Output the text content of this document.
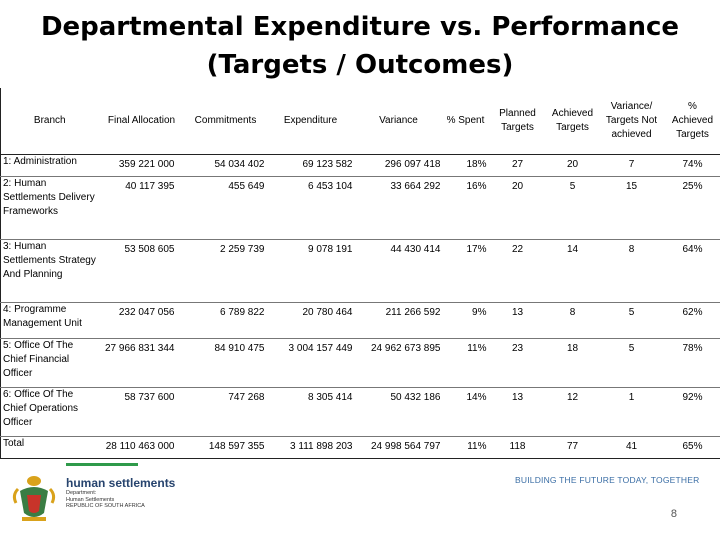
Departmental Expenditure vs. Performance
(Targets / Outcomes)
Branch	Final Allocation	Commitments	Expenditure	Variance	% Spent	Planned Targets	Achieved Targets	Variance/ Targets Not achieved	% Achieved Targets
1: Administration	359 221 000	54 034 402	69 123 582	296 097 418	18%	27	20	7	74%
2: Human Settlements Delivery Frameworks	40 117 395	455 649	6 453 104	33 664 292	16%	20	5	15	25%
3: Human Settlements Strategy And Planning	53 508 605	2 259 739	9 078 191	44 430 414	17%	22	14	8	64%
4: Programme Management Unit	232 047 056	6 789 822	20 780 464	211 266 592	9%	13	8	5	62%
5: Office Of The Chief Financial Officer	27 966 831 344	84 910 475	3 004 157 449	24 962 673 895	11%	23	18	5	78%
6: Office Of The Chief Operations Officer	58 737 600	747 268	8 305 414	50 432 186	14%	13	12	1	92%
Total	28 110 463 000	148 597 355	3 111 898 203	24 998 564 797	11%	118	77	41	65%
human settlements
Department:
Human Settlements
REPUBLIC OF SOUTH AFRICA
BUILDING THE FUTURE TODAY, TOGETHER
8
